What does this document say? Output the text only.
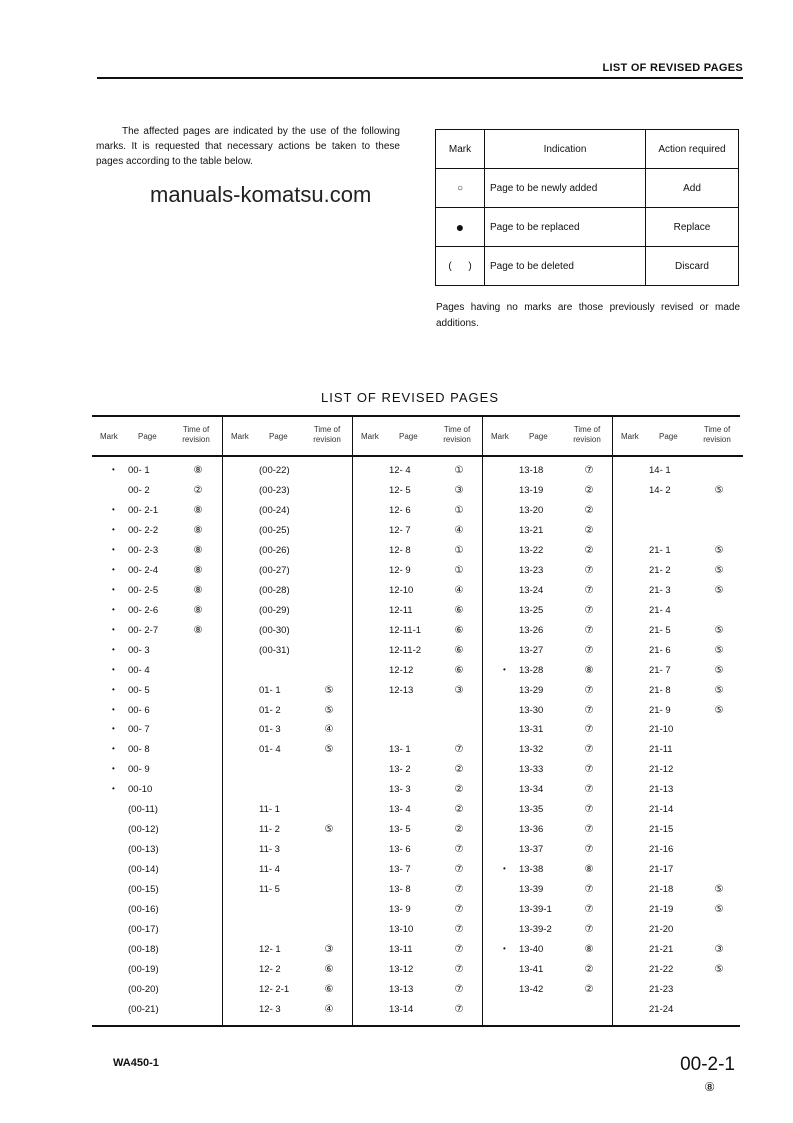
LIST OF REVISED PAGES
The affected pages are indicated by the use of the following marks. It is requested that necessary actions be taken to these pages according to the table below.
manuals-komatsu.com
Mark	Indication	Action required
○	Page to be newly added	Add
●	Page to be replaced	Replace
(      )	Page to be deleted	Discard
Pages having no marks are those previously revised or made additions.
LIST OF REVISED PAGES
Mark	Page
Time of revision
• 00- 1	⑧
00- 2	②
• 00- 2-1	⑧
• 00- 2-2	⑧
• 00- 2-3	⑧
• 00- 2-4	⑧
• 00- 2-5	⑧
• 00- 2-6	⑧
• 00- 2-7	⑧
• 00- 3
• 00- 4
• 00- 5
• 00- 6
• 00- 7
• 00- 8
• 00- 9
• 00-10
(00-11)
(00-12)
(00-13)
(00-14)
(00-15)
(00-16)
(00-17)
(00-18)
(00-19)
(00-20)
(00-21)
Mark	Page
Time of revision
(00-22)
(00-23)
(00-24)
(00-25)
(00-26)
(00-27)
(00-28)
(00-29)
(00-30)
(00-31)
01- 1	⑤
01- 2	⑤
01- 3	④
01- 4	⑤
11- 1
11- 2	⑤
11- 3
11- 4
11- 5
12- 1	③
12- 2	⑥
12- 2-1	⑥
12- 3	④
Mark	Page
Time of revision
12- 4	①
12- 5	③
12- 6	①
12- 7	④
12- 8	①
12- 9	①
12-10	④
12-11	⑥
12-11-1	⑥
12-11-2	⑥
12-12	⑥
12-13	③
13- 1	⑦
13- 2	②
13- 3	②
13- 4	②
13- 5	②
13- 6	⑦
13- 7	⑦
13- 8	⑦
13- 9	⑦
13-10	⑦
13-11	⑦
13-12	⑦
13-13	⑦
13-14	⑦
Mark	Page
Time of revision
13-18	⑦
13-19	②
13-20	②
13-21	②
13-22	②
13-23	⑦
13-24	⑦
13-25	⑦
13-26	⑦
13-27	⑦
• 13-28	⑧
13-29	⑦
13-30	⑦
13-31	⑦
13-32	⑦
13-33	⑦
13-34	⑦
13-35	⑦
13-36	⑦
13-37	⑦
• 13-38	⑧
13-39	⑦
13-39-1	⑦
13-39-2	⑦
• 13-40	⑧
13-41	②
13-42	②
Mark	Page
Time of revision
14- 1
14- 2	⑤
21- 1	⑤
21- 2	⑤
21- 3	⑤
21- 4
21- 5	⑤
21- 6	⑤
21- 7	⑤
21- 8	⑤
21- 9	⑤
21-10
21-11
21-12
21-13
21-14
21-15
21-16
21-17
21-18	⑤
21-19	⑤
21-20
21-21	③
21-22	⑤
21-23
21-24
WA450-1	00-2-1
⑧
